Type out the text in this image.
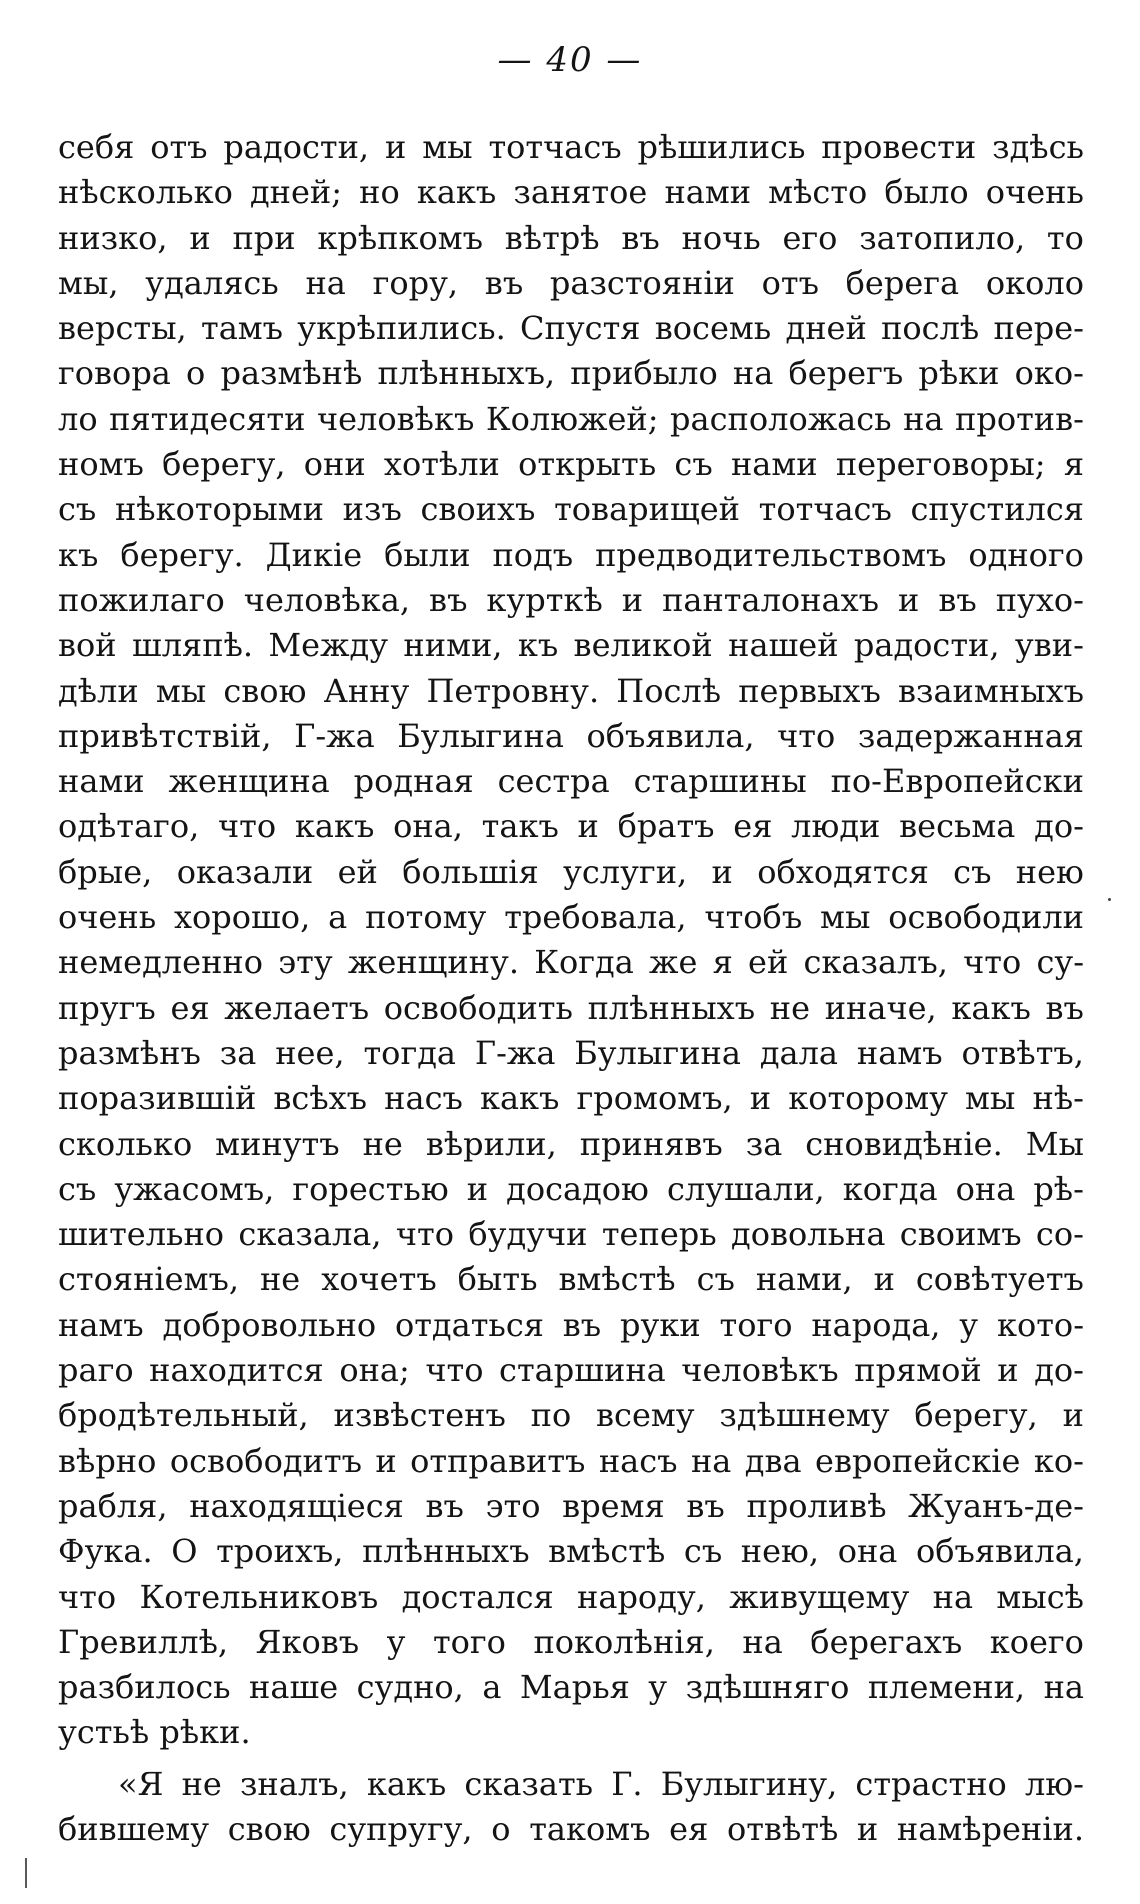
— 40 —
себя отъ радости, и мы тотчасъ рѣшились провести здѣсь
нѣсколько дней; но какъ занятое нами мѣсто было очень
низко, и при крѣпкомъ вѣтрѣ въ ночь его затопило, то
мы, удалясь на гору, въ разстояніи отъ берега около
версты, тамъ укрѣпились. Спустя восемь дней послѣ пере-
говора о размѣнѣ плѣнныхъ, прибыло на берегъ рѣки око-
ло пятидесяти человѣкъ Колюжей; расположась на против-
номъ берегу, они хотѣли открыть съ нами переговоры; я
съ нѣкоторыми изъ своихъ товарищей тотчасъ спустился
къ берегу. Дикіе были подъ предводительствомъ одного
пожилаго человѣка, въ курткѣ и панталонахъ и въ пухо-
вой шляпѣ. Между ними, къ великой нашей радости, уви-
дѣли мы свою Анну Петровну. Послѣ первыхъ взаимныхъ
привѣтствій, Г-жа Булыгина объявила, что задержанная
нами женщина родная сестра старшины по-Европейски
одѣтаго, что какъ она, такъ и братъ ея люди весьма до-
брые, оказали ей большія услуги, и обходятся съ нею
очень хорошо, а потому требовала, чтобъ мы освободили
немедленно эту женщину. Когда же я ей сказалъ, что су-
пругъ ея желаетъ освободить плѣнныхъ не иначе, какъ въ
размѣнъ за нее, тогда Г-жа Булыгина дала намъ отвѣтъ,
поразившій всѣхъ насъ какъ громомъ, и которому мы нѣ-
сколько минутъ не вѣрили, принявъ за сновидѣніе. Мы
съ ужасомъ, горестью и досадою слушали, когда она рѣ-
шительно сказала, что будучи теперь довольна своимъ со-
стояніемъ, не хочетъ быть вмѣстѣ съ нами, и совѣтуетъ
намъ добровольно отдаться въ руки того народа, у кото-
раго находится она; что старшина человѣкъ прямой и до-
бродѣтельный, извѣстенъ по всему здѣшнему берегу, и
вѣрно освободитъ и отправитъ насъ на два европейскіе ко-
рабля, находящіеся въ это время въ проливѣ Жуанъ-де-
Фука. О троихъ, плѣнныхъ вмѣстѣ съ нею, она объявила,
что Котельниковъ достался народу, живущему на мысѣ
Гревиллѣ, Яковъ у того поколѣнія, на берегахъ коего
разбилось наше судно, а Марья у здѣшняго племени, на
устьѣ рѣки.
«Я не зналъ, какъ сказать Г. Булыгину, страстно лю-
бившему свою супругу, о такомъ ея отвѣтѣ и намѣреніи.
